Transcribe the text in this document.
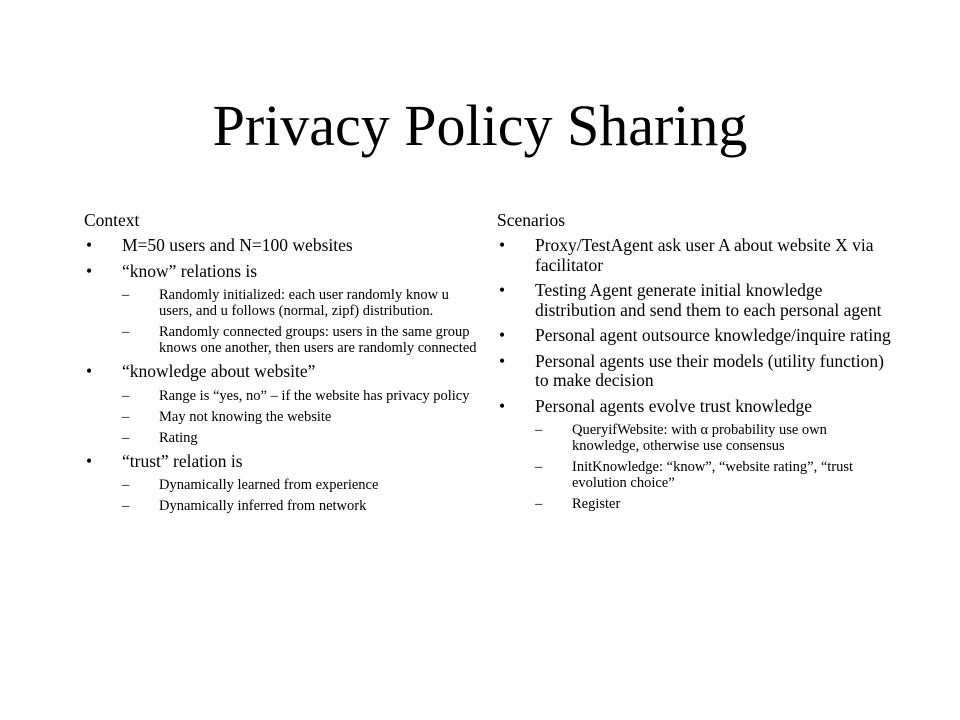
Privacy Policy Sharing
Context
• M=50 users and N=100 websites
• “know” relations is
– Randomly initialized: each user randomly know u users, and u follows (normal, zipf) distribution.
– Randomly connected groups: users in the same group knows one another, then users are randomly connected
• “knowledge about website”
– Range is “yes, no” – if the website has privacy policy
– May not knowing the website
– Rating
• “trust” relation is
– Dynamically learned from experience
– Dynamically inferred from network
Scenarios
• Proxy/TestAgent ask user A about website X via facilitator
• Testing Agent generate initial knowledge distribution and send them to each personal agent
• Personal agent outsource knowledge/inquire rating
• Personal agents use their models (utility function) to make decision
• Personal agents evolve trust knowledge
– QueryifWebsite: with α probability use own knowledge, otherwise use consensus
– InitKnowledge: “know”, “website rating”, “trust evolution choice”
– Register
